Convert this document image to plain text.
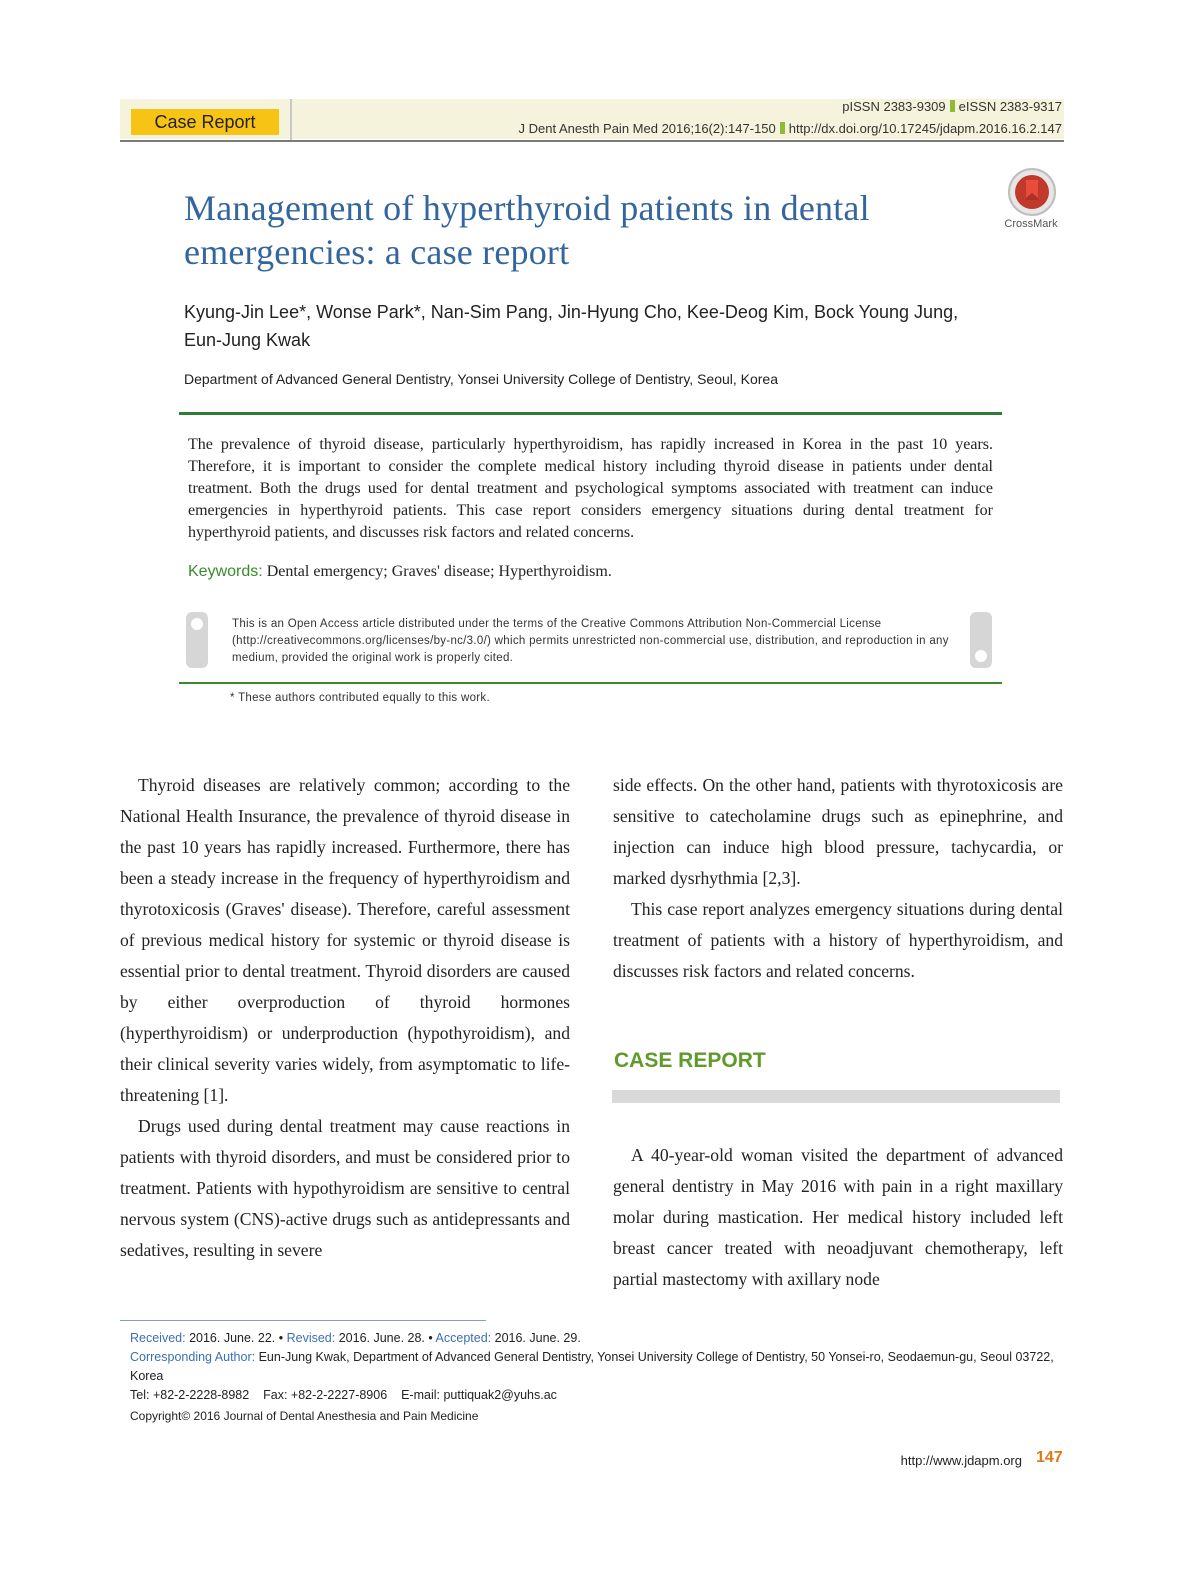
Case Report
pISSN 2383-9309 eISSN 2383-9317
J Dent Anesth Pain Med 2016;16(2):147-150 http://dx.doi.org/10.17245/jdapm.2016.16.2.147
CrossMark
Management of hyperthyroid patients in dental emergencies: a case report
Kyung-Jin Lee*, Wonse Park*, Nan-Sim Pang, Jin-Hyung Cho, Kee-Deog Kim, Bock Young Jung, Eun-Jung Kwak
Department of Advanced General Dentistry, Yonsei University College of Dentistry, Seoul, Korea
The prevalence of thyroid disease, particularly hyperthyroidism, has rapidly increased in Korea in the past 10 years. Therefore, it is important to consider the complete medical history including thyroid disease in patients under dental treatment. Both the drugs used for dental treatment and psychological symptoms associated with treatment can induce emergencies in hyperthyroid patients. This case report considers emergency situations during dental treatment for hyperthyroid patients, and discusses risk factors and related concerns.
Keywords: Dental emergency; Graves' disease; Hyperthyroidism.
This is an Open Access article distributed under the terms of the Creative Commons Attribution Non-Commercial License (http://creativecommons.org/licenses/by-nc/3.0/) which permits unrestricted non-commercial use, distribution, and reproduction in any medium, provided the original work is properly cited.
* These authors contributed equally to this work.

Thyroid diseases are relatively common; according to the National Health Insurance, the prevalence of thyroid disease in the past 10 years has rapidly increased. Furthermore, there has been a steady increase in the frequency of hyperthyroidism and thyrotoxicosis (Graves' disease). Therefore, careful assessment of previous medical history for systemic or thyroid disease is essential prior to dental treatment. Thyroid disorders are caused by either overproduction of thyroid hormones (hyperthyroidism) or underproduction (hypothyroidism), and their clinical severity varies widely, from asymptomatic to life-threatening [1].

Drugs used during dental treatment may cause reactions in patients with thyroid disorders, and must be considered prior to treatment. Patients with hypothyroidism are sensitive to central nervous system (CNS)-active drugs such as antidepressants and sedatives, resulting in severe

side effects. On the other hand, patients with thyrotoxicosis are sensitive to catecholamine drugs such as epinephrine, and injection can induce high blood pressure, tachycardia, or marked dysrhythmia [2,3].

This case report analyzes emergency situations during dental treatment of patients with a history of hyperthyroidism, and discusses risk factors and related concerns.

CASE REPORT

A 40-year-old woman visited the department of advanced general dentistry in May 2016 with pain in a right maxillary molar during mastication. Her medical history included left breast cancer treated with neoadjuvant chemotherapy, left partial mastectomy with axillary node

Received: 2016. June. 22. • Revised: 2016. June. 28. • Accepted: 2016. June. 29.
Corresponding Author: Eun-Jung Kwak, Department of Advanced General Dentistry, Yonsei University College of Dentistry, 50 Yonsei-ro, Seodaemun-gu, Seoul 03722, Korea
Tel: +82-2-2228-8982 Fax: +82-2-2227-8906 E-mail: puttiquak2@yuhs.ac
Copyright© 2016 Journal of Dental Anesthesia and Pain Medicine
http://www.jdapm.org 147
